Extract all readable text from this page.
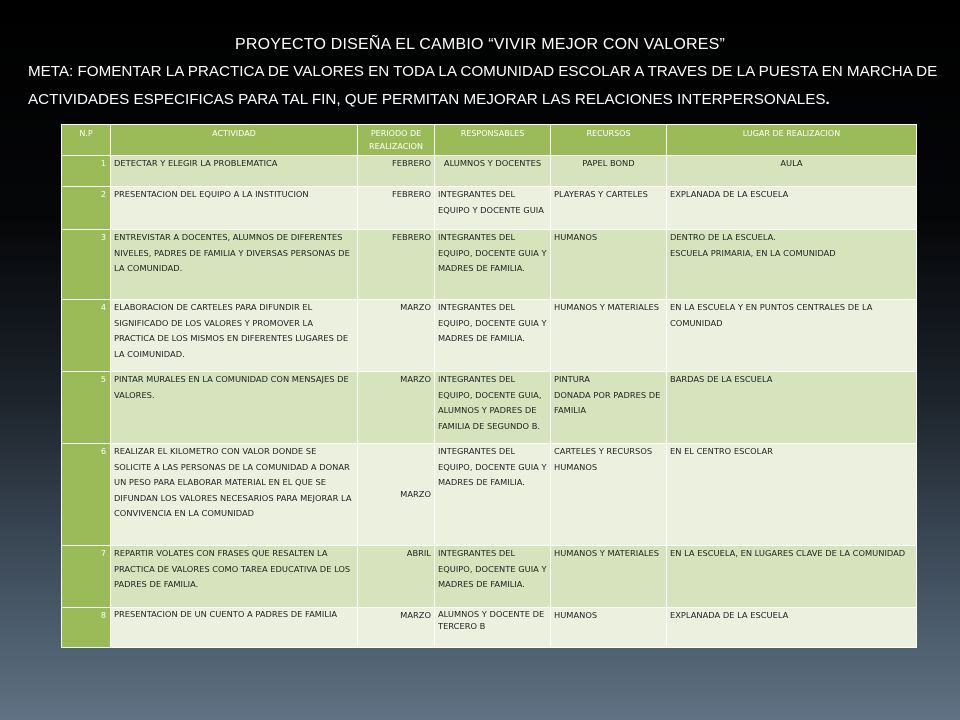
PROYECTO DISEÑA EL CAMBIO “VIVIR MEJOR CON VALORES”
META: FOMENTAR LA PRACTICA DE VALORES EN TODA LA COMUNIDAD ESCOLAR A TRAVES DE LA PUESTA EN MARCHA DE ACTIVIDADES ESPECIFICAS PARA TAL FIN, QUE PERMITAN MEJORAR LAS RELACIONES INTERPERSONALES.
N.P	ACTIVIDAD	PERIODO DE REALIZACION	RESPONSABLES	RECURSOS	LUGAR DE REALIZACION
1	DETECTAR Y ELEGIR LA PROBLEMATICA	FEBRERO	ALUMNOS Y DOCENTES	PAPEL BOND	AULA
2	PRESENTACION DEL EQUIPO A LA INSTITUCION	FEBRERO	INTEGRANTES DEL EQUIPO Y DOCENTE GUIA	PLAYERAS Y CARTELES	EXPLANADA DE LA ESCUELA
3	ENTREVISTAR A DOCENTES, ALUMNOS DE DIFERENTES NIVELES, PADRES DE FAMILIA Y DIVERSAS PERSONAS DE LA COMUNIDAD.	FEBRERO	INTEGRANTES DEL EQUIPO, DOCENTE GUIA Y MADRES DE FAMILIA.	HUMANOS	DENTRO DE LA ESCUELA.
ESCUELA PRIMARIA, EN LA COMUNIDAD

4	ELABORACION DE CARTELES PARA DIFUNDIR EL SIGNIFICADO DE LOS VALORES Y PROMOVER LA PRACTICA DE LOS MISMOS EN DIFERENTES LUGARES DE LA COIMUNIDAD.	MARZO	INTEGRANTES DEL EQUIPO, DOCENTE GUIA Y MADRES DE FAMILIA.	HUMANOS Y MATERIALES	EN LA ESCUELA Y EN PUNTOS CENTRALES DE LA COMUNIDAD
5	PINTAR MURALES EN LA COMUNIDAD CON MENSAJES DE VALORES.	MARZO	INTEGRANTES DEL EQUIPO, DOCENTE GUIA, ALUMNOS Y PADRES DE FAMILIA DE SEGUNDO B.	PINTURA
DONADA POR PADRES DE FAMILIA	BARDAS DE LA ESCUELA
6	REALIZAR EL KILOMETRO CON VALOR DONDE SE SOLICITE A LAS PERSONAS DE LA COMUNIDAD A DONAR UN PESO PARA ELABORAR MATERIAL EN EL QUE SE DIFUNDAN LOS VALORES NECESARIOS PARA MEJORAR LA CONVIVENCIA EN LA COMUNIDAD	MARZO	INTEGRANTES DEL EQUIPO, DOCENTE GUIA Y MADRES DE FAMILIA.	CARTELES Y RECURSOS HUMANOS	EN EL CENTRO ESCOLAR
7	REPARTIR VOLATES CON FRASES QUE RESALTEN LA PRACTICA DE VALORES COMO TAREA EDUCATIVA DE LOS PADRES DE FAMILIA.	ABRIL	INTEGRANTES DEL EQUIPO, DOCENTE GUIA Y MADRES DE FAMILIA.	HUMANOS Y MATERIALES	EN LA ESCUELA, EN LUGARES CLAVE DE LA COMUNIDAD
8	PRESENTACION DE UN CUENTO A PADRES DE FAMILIA	MARZO	ALUMNOS Y DOCENTE DE TERCERO B	HUMANOS	EXPLANADA DE LA ESCUELA
